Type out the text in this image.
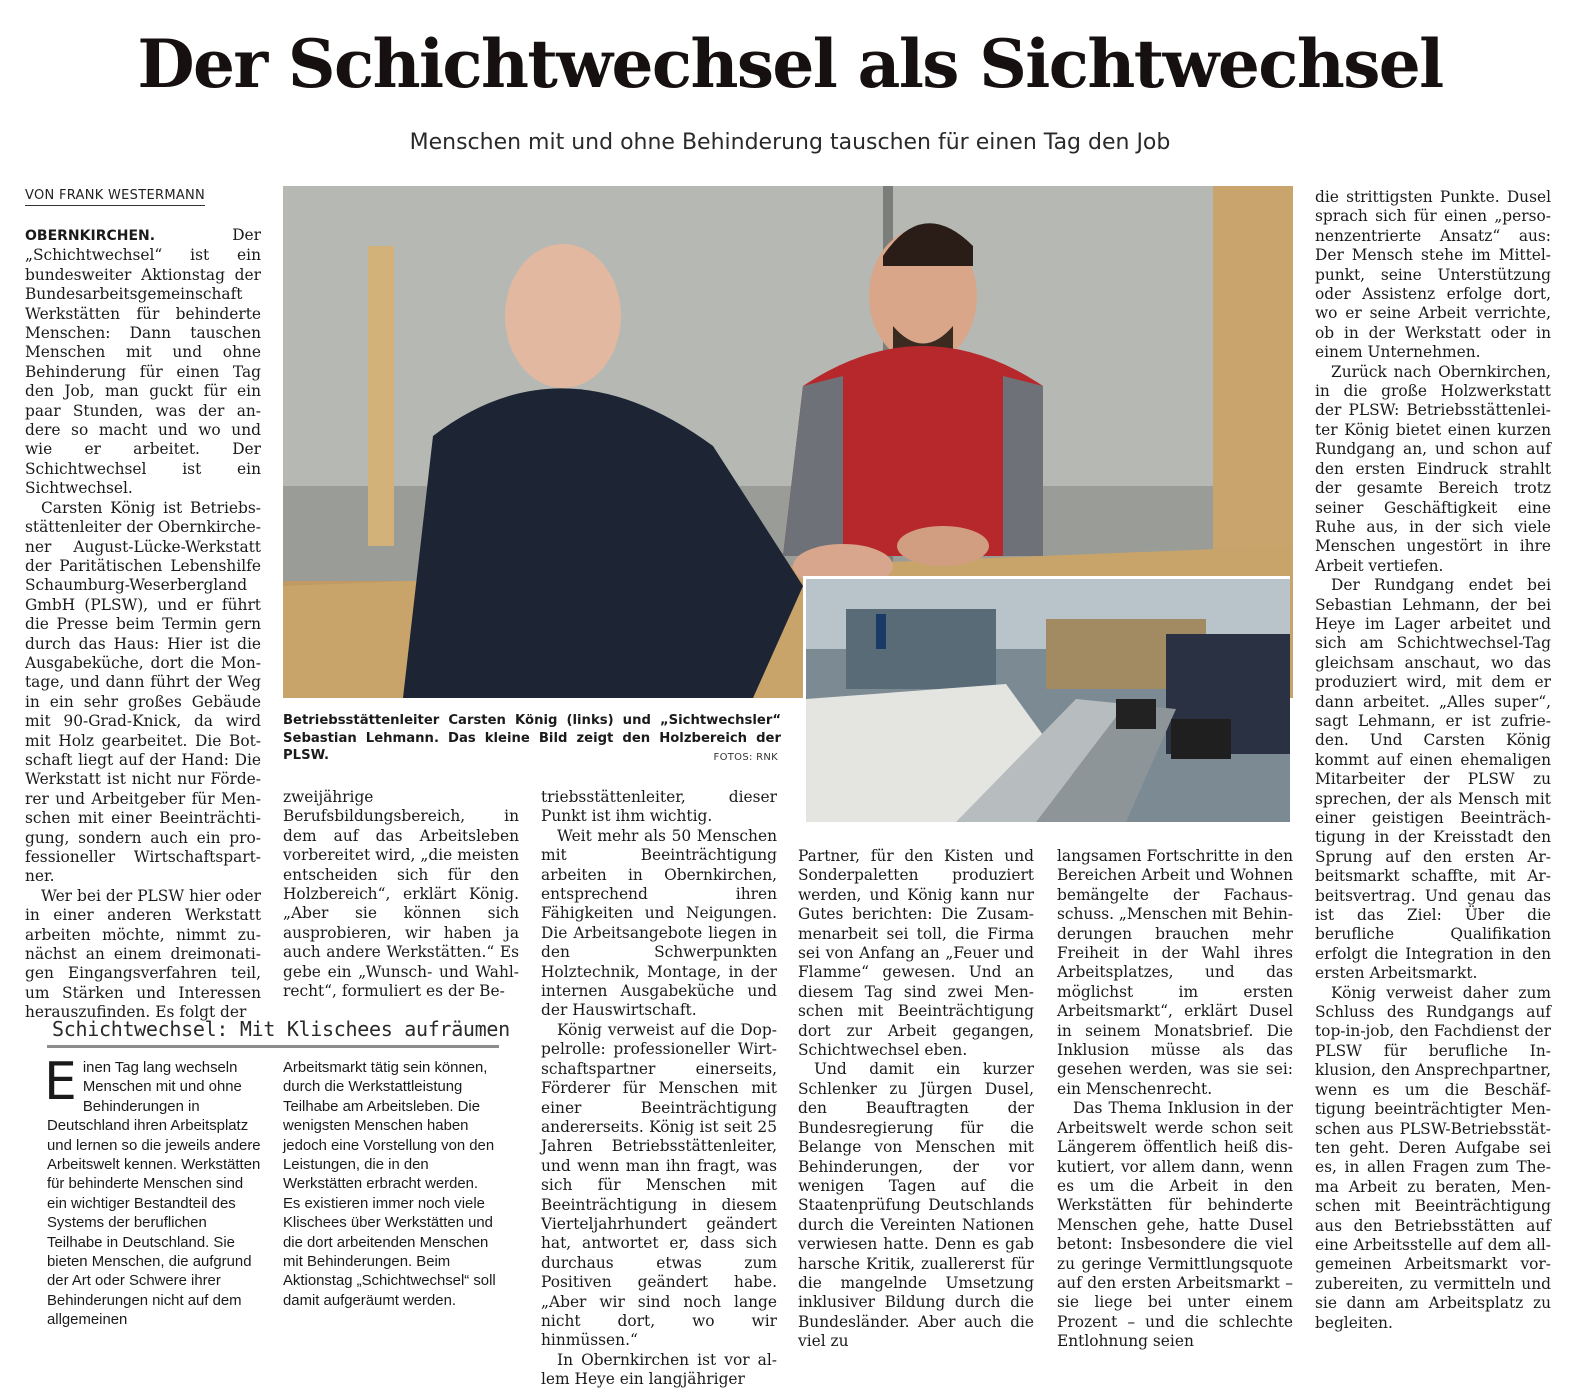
Der Schichtwechsel als Sichtwechsel
Menschen mit und ohne Behinderung tauschen für einen Tag den Job
VON FRANK WESTERMANN

OBERNKIRCHEN.	Der „Schichtwechsel“ ist ein bundesweiter Aktionstag der Bundesarbeitsgemeinschaft Werkstätten für behinderte Menschen: Dann tauschen Menschen mit und ohne Behinderung für einen Tag den Job, man guckt für ein paar Stunden, was der andere so macht und wo und wie er arbeitet. Der Schichtwechsel ist ein Sichtwechsel.

Carsten König ist Betriebsstättenleiter der Obernkirchener August-Lücke-Werkstatt der Paritätischen Lebenshilfe Schaumburg-Weserbergland GmbH (PLSW), und er führt die Presse beim Termin gern durch das Haus: Hier ist die Ausgabeküche, dort die Montage, und dann führt der Weg in ein sehr großes Gebäude mit 90-Grad-Knick, da wird mit Holz gearbeitet. Die Botschaft liegt auf der Hand: Die Werkstatt ist nicht nur Förderer und Arbeitgeber für Menschen mit einer Beeinträchtigung, sondern auch ein professioneller Wirtschaftspartner.

Wer bei der PLSW hier oder in einer anderen Werkstatt arbeiten möchte, nimmt zunächst an einem dreimonatigen Eingangsverfahren teil, um Stärken und Interessen herauszufinden. Es folgt der

Betriebsstättenleiter Carsten König (links) und „Sichtwechsler“ Sebastian Lehmann. Das kleine Bild zeigt den Holzbereich der PLSW.	FOTOS: RNK

zweijährige Berufsbildungsbereich, in dem auf das Arbeitsleben vorbereitet wird, „die meisten entscheiden sich für den Holzbereich“, erklärt König. „Aber sie können sich ausprobieren, wir haben ja auch andere Werkstätten.“ Es gebe ein „Wunsch- und Wahlrecht“, formuliert es der Be-

triebsstättenleiter, dieser Punkt ist ihm wichtig.

Weit mehr als 50 Menschen mit Beeinträchtigung arbeiten in Obernkirchen, entsprechend ihren Fähigkeiten und Neigungen. Die Arbeitsangebote liegen in den Schwerpunkten Holztechnik, Montage, in der internen Ausgabeküche und der Hauswirtschaft.

König verweist auf die Doppelrolle: professioneller Wirtschaftspartner einerseits, Förderer für Menschen mit einer Beeinträchtigung andererseits. König ist seit 25 Jahren Betriebsstättenleiter, und wenn man ihn fragt, was sich für Menschen mit Beeinträchtigung in diesem Vierteljahrhundert geändert hat, antwortet er, dass sich durchaus etwas zum Positiven geändert habe. „Aber wir sind noch lange nicht dort, wo wir hinmüssen.“

In Obernkirchen ist vor allem Heye ein langjähriger

Partner, für den Kisten und Sonderpaletten produziert werden, und König kann nur Gutes berichten: Die Zusammenarbeit sei toll, die Firma sei von Anfang an „Feuer und Flamme“ gewesen. Und an diesem Tag sind zwei Menschen mit Beeinträchtigung dort zur Arbeit gegangen, Schichtwechsel eben.

Und damit ein kurzer Schlenker zu Jürgen Dusel, den Beauftragten der Bundesregierung für die Belange von Menschen mit Behinderungen, der vor wenigen Tagen auf die Staatenprüfung Deutschlands durch die Vereinten Nationen verwiesen hatte. Denn es gab harsche Kritik, zuallererst für die mangelnde Umsetzung inklusiver Bildung durch die Bundesländer. Aber auch die viel zu

langsamen Fortschritte in den Bereichen Arbeit und Wohnen bemängelte der Fachausschuss. „Menschen mit Behinderungen brauchen mehr Freiheit in der Wahl ihres Arbeitsplatzes, und das möglichst im ersten Arbeitsmarkt“, erklärt Dusel in seinem Monatsbrief. Die Inklusion müsse als das gesehen werden, was sie sei: ein Menschenrecht.

Das Thema Inklusion in der Arbeitswelt werde schon seit Längerem öffentlich heiß diskutiert, vor allem dann, wenn es um die Arbeit in den Werkstätten für behinderte Menschen gehe, hatte Dusel betont: Insbesondere die viel zu geringe Vermittlungsquote auf den ersten Arbeitsmarkt – sie liege bei unter einem Prozent – und die schlechte Entlohnung seien

die strittigsten Punkte. Dusel sprach sich für einen „personenzentrierte Ansatz“ aus: Der Mensch stehe im Mittelpunkt, seine Unterstützung oder Assistenz erfolge dort, wo er seine Arbeit verrichte, ob in der Werkstatt oder in einem Unternehmen.

Zurück nach Obernkirchen, in die große Holzwerkstatt der PLSW: Betriebsstättenleiter König bietet einen kurzen Rundgang an, und schon auf den ersten Eindruck strahlt der gesamte Bereich trotz seiner Geschäftigkeit eine Ruhe aus, in der sich viele Menschen ungestört in ihre Arbeit vertiefen.

Der Rundgang endet bei Sebastian Lehmann, der bei Heye im Lager arbeitet und sich am Schichtwechsel-Tag gleichsam anschaut, wo das produziert wird, mit dem er dann arbeitet. „Alles super“, sagt Lehmann, er ist zufrieden. Und Carsten König kommt auf einen ehemaligen Mitarbeiter der PLSW zu sprechen, der als Mensch mit einer geistigen Beeinträchtigung in der Kreisstadt den Sprung auf den ersten Arbeitsmarkt schaffte, mit Arbeitsvertrag. Und genau das ist das Ziel: Über die berufliche Qualifikation erfolgt die Integration in den ersten Arbeitsmarkt.

König verweist daher zum Schluss des Rundgangs auf top-in-job, den Fachdienst der PLSW für berufliche Inklusion, den Ansprechpartner, wenn es um die Beschäftigung beeinträchtigter Menschen aus PLSW-Betriebsstätten geht. Deren Aufgabe sei es, in allen Fragen zum Thema Arbeit zu beraten, Menschen mit Beeinträchtigung aus den Betriebsstätten auf eine Arbeitsstelle auf dem allgemeinen Arbeitsmarkt vorzubereiten, zu vermitteln und sie dann am Arbeitsplatz zu begleiten.

Schichtwechsel: Mit Klischees aufräumen

Einen Tag lang wechseln Menschen mit und ohne Behinderungen in Deutschland ihren Arbeitsplatz und lernen so die jeweils andere Arbeitswelt kennen. Werkstätten für behinderte Menschen sind ein wichtiger Bestandteil des Systems der beruflichen Teilhabe in Deutschland. Sie bieten Menschen, die aufgrund der Art oder Schwere ihrer Behinderungen nicht auf dem allgemeinen

Arbeitsmarkt tätig sein können, durch die Werkstattleistung Teilhabe am Arbeitsleben. Die wenigsten Menschen haben jedoch eine Vorstellung von den Leistungen, die in den Werkstätten erbracht werden. Es existieren immer noch viele Klischees über Werkstätten und die dort arbeitenden Menschen mit Behinderungen. Beim Aktionstag „Schichtwechsel“ soll damit aufgeräumt werden.
